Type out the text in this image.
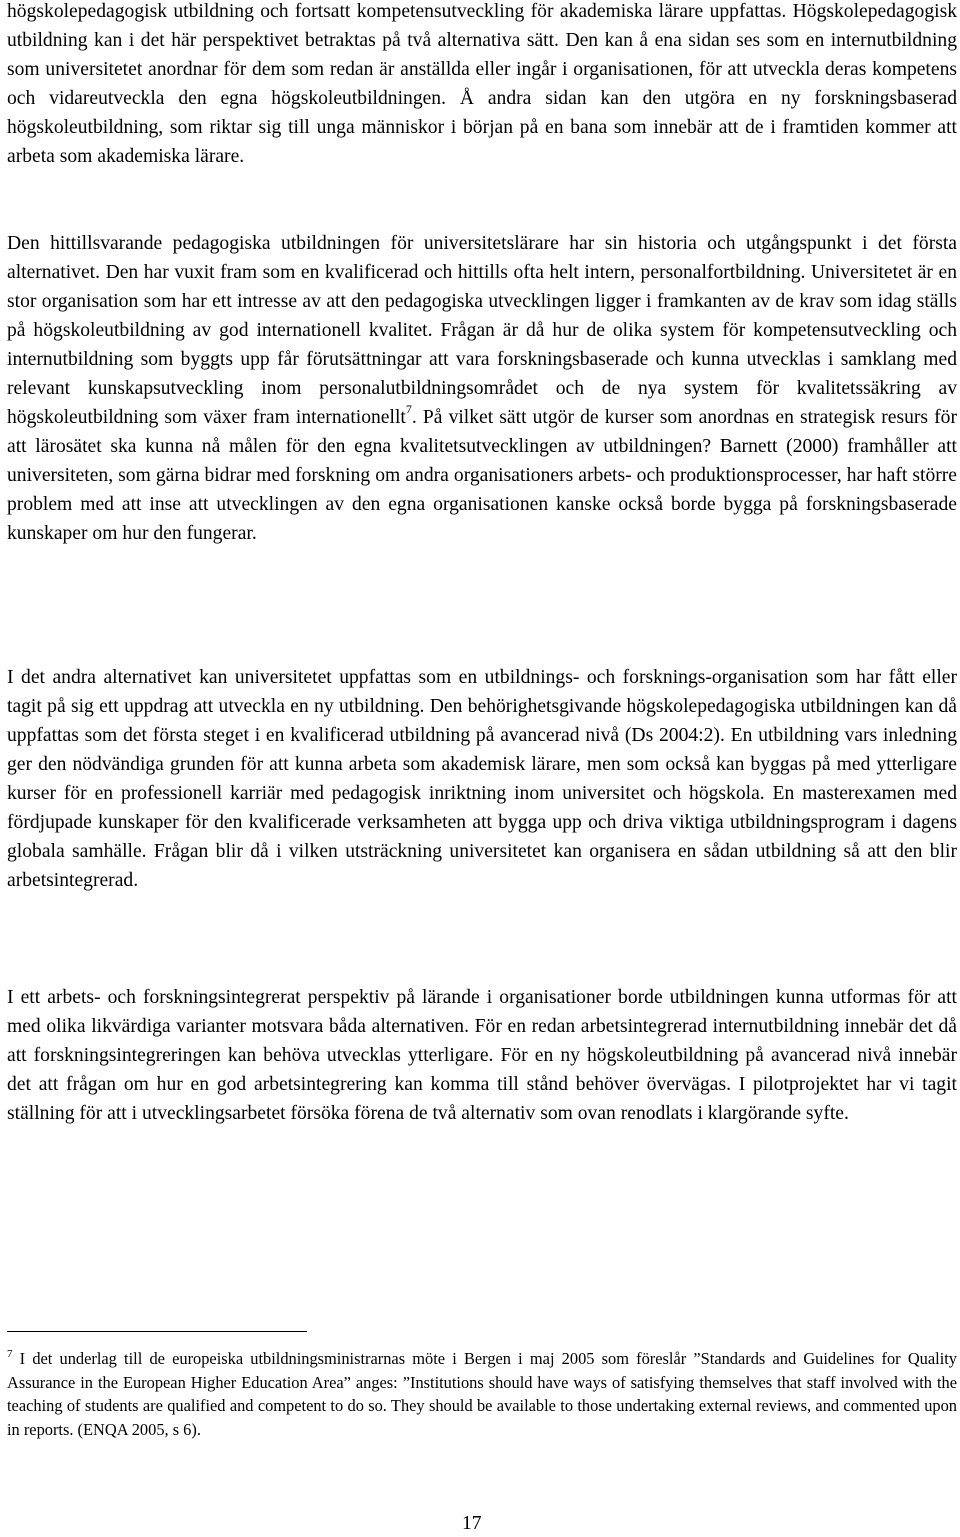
högskolepedagogisk utbildning och fortsatt kompetensutveckling för akademiska lärare uppfattas. Högskolepedagogisk utbildning kan i det här perspektivet betraktas på två alternativa sätt. Den kan å ena sidan ses som en internutbildning som universitetet anordnar för dem som redan är anställda eller ingår i organisationen, för att utveckla deras kompetens och vidareutveckla den egna högskoleutbildningen. Å andra sidan kan den utgöra en ny forskningsbaserad högskoleutbildning, som riktar sig till unga människor i början på en bana som innebär att de i framtiden kommer att arbeta som akademiska lärare.

Den hittillsvarande pedagogiska utbildningen för universitetslärare har sin historia och utgångspunkt i det första alternativet. Den har vuxit fram som en kvalificerad och hittills ofta helt intern, personalfortbildning. Universitetet är en stor organisation som har ett intresse av att den pedagogiska utvecklingen ligger i framkanten av de krav som idag ställs på högskoleutbildning av god internationell kvalitet. Frågan är då hur de olika system för kompetensutveckling och internutbildning som byggts upp får förutsättningar att vara forskningsbaserade och kunna utvecklas i samklang med relevant kunskapsutveckling inom personalutbildningsområdet och de nya system för kvalitetssäkring av högskoleutbildning som växer fram internationellt$^7$. På vilket sätt utgör de kurser som anordnas en strategisk resurs för att lärosätet ska kunna nå målen för den egna kvalitetsutvecklingen av utbildningen? Barnett (2000) framhåller att universiteten, som gärna bidrar med forskning om andra organisationers arbets- och produktionsprocesser, har haft större problem med att inse att utvecklingen av den egna organisationen kanske också borde bygga på forskningsbaserade kunskaper om hur den fungerar.

I det andra alternativet kan universitetet uppfattas som en utbildnings- och forsknings-organisation som har fått eller tagit på sig ett uppdrag att utveckla en ny utbildning. Den behörighetsgivande högskolepedagogiska utbildningen kan då uppfattas som det första steget i en kvalificerad utbildning på avancerad nivå (Ds 2004:2). En utbildning vars inledning ger den nödvändiga grunden för att kunna arbeta som akademisk lärare, men som också kan byggas på med ytterligare kurser för en professionell karriär med pedagogisk inriktning inom universitet och högskola. En masterexamen med fördjupade kunskaper för den kvalificerade verksamheten att bygga upp och driva viktiga utbildningsprogram i dagens globala samhälle. Frågan blir då i vilken utsträckning universitetet kan organisera en sådan utbildning så att den blir arbetsintegrerad.

I ett arbets- och forskningsintegrerat perspektiv på lärande i organisationer borde utbildningen kunna utformas för att med olika likvärdiga varianter motsvara båda alternativen. För en redan arbetsintegrerad internutbildning innebär det då att forskningsintegreringen kan behöva utvecklas ytterligare. För en ny högskoleutbildning på avancerad nivå innebär det att frågan om hur en god arbetsintegrering kan komma till stånd behöver övervägas. I pilotprojektet har vi tagit ställning för att i utvecklingsarbetet försöka förena de två alternativ som ovan renodlats i klargörande syfte.

$^7$ I det underlag till de europeiska utbildningsministrarnas möte i Bergen i maj 2005 som föreslår ”Standards and Guidelines for Quality Assurance in the European Higher Education Area” anges: ”Institutions should have ways of satisfying themselves that staff involved with the teaching of students are qualified and competent to do so. They should be available to those undertaking external reviews, and commented upon in reports. (ENQA 2005, s 6).

17
